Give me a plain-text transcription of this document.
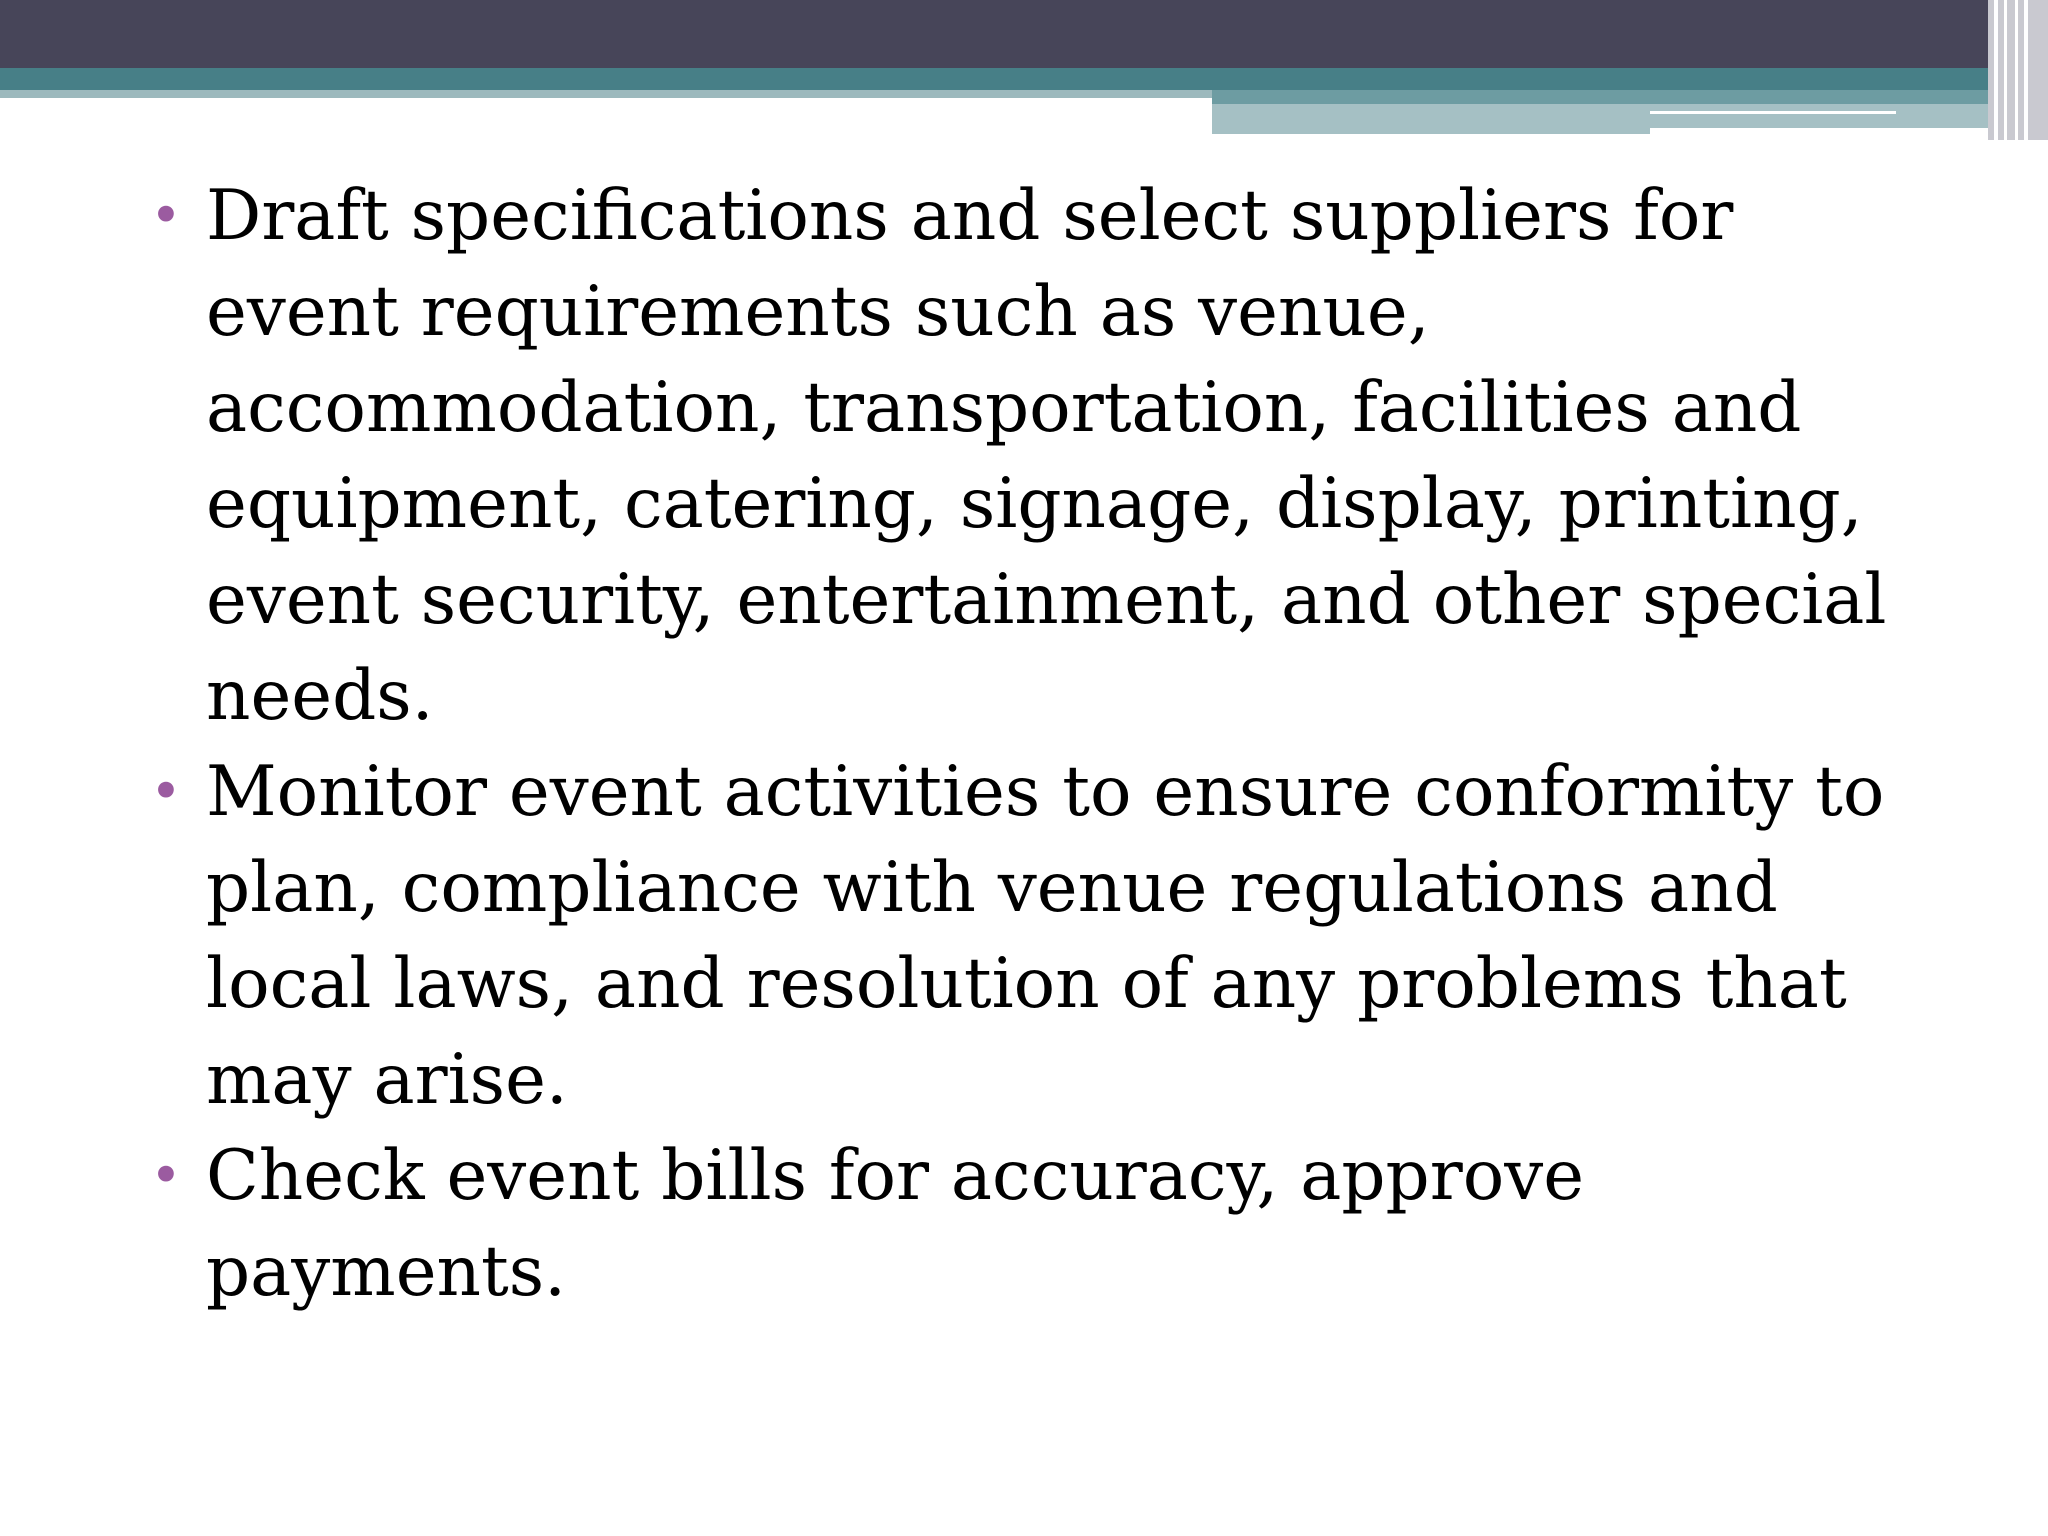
• Draft specifications and select suppliers for event requirements such as venue, accommodation, transportation, facilities and equipment, catering, signage, display, printing, event security, entertainment, and other special needs.
• Monitor event activities to ensure conformity to plan, compliance with venue regulations and local laws, and resolution of any problems that may arise.
• Check event bills for accuracy, approve payments.
